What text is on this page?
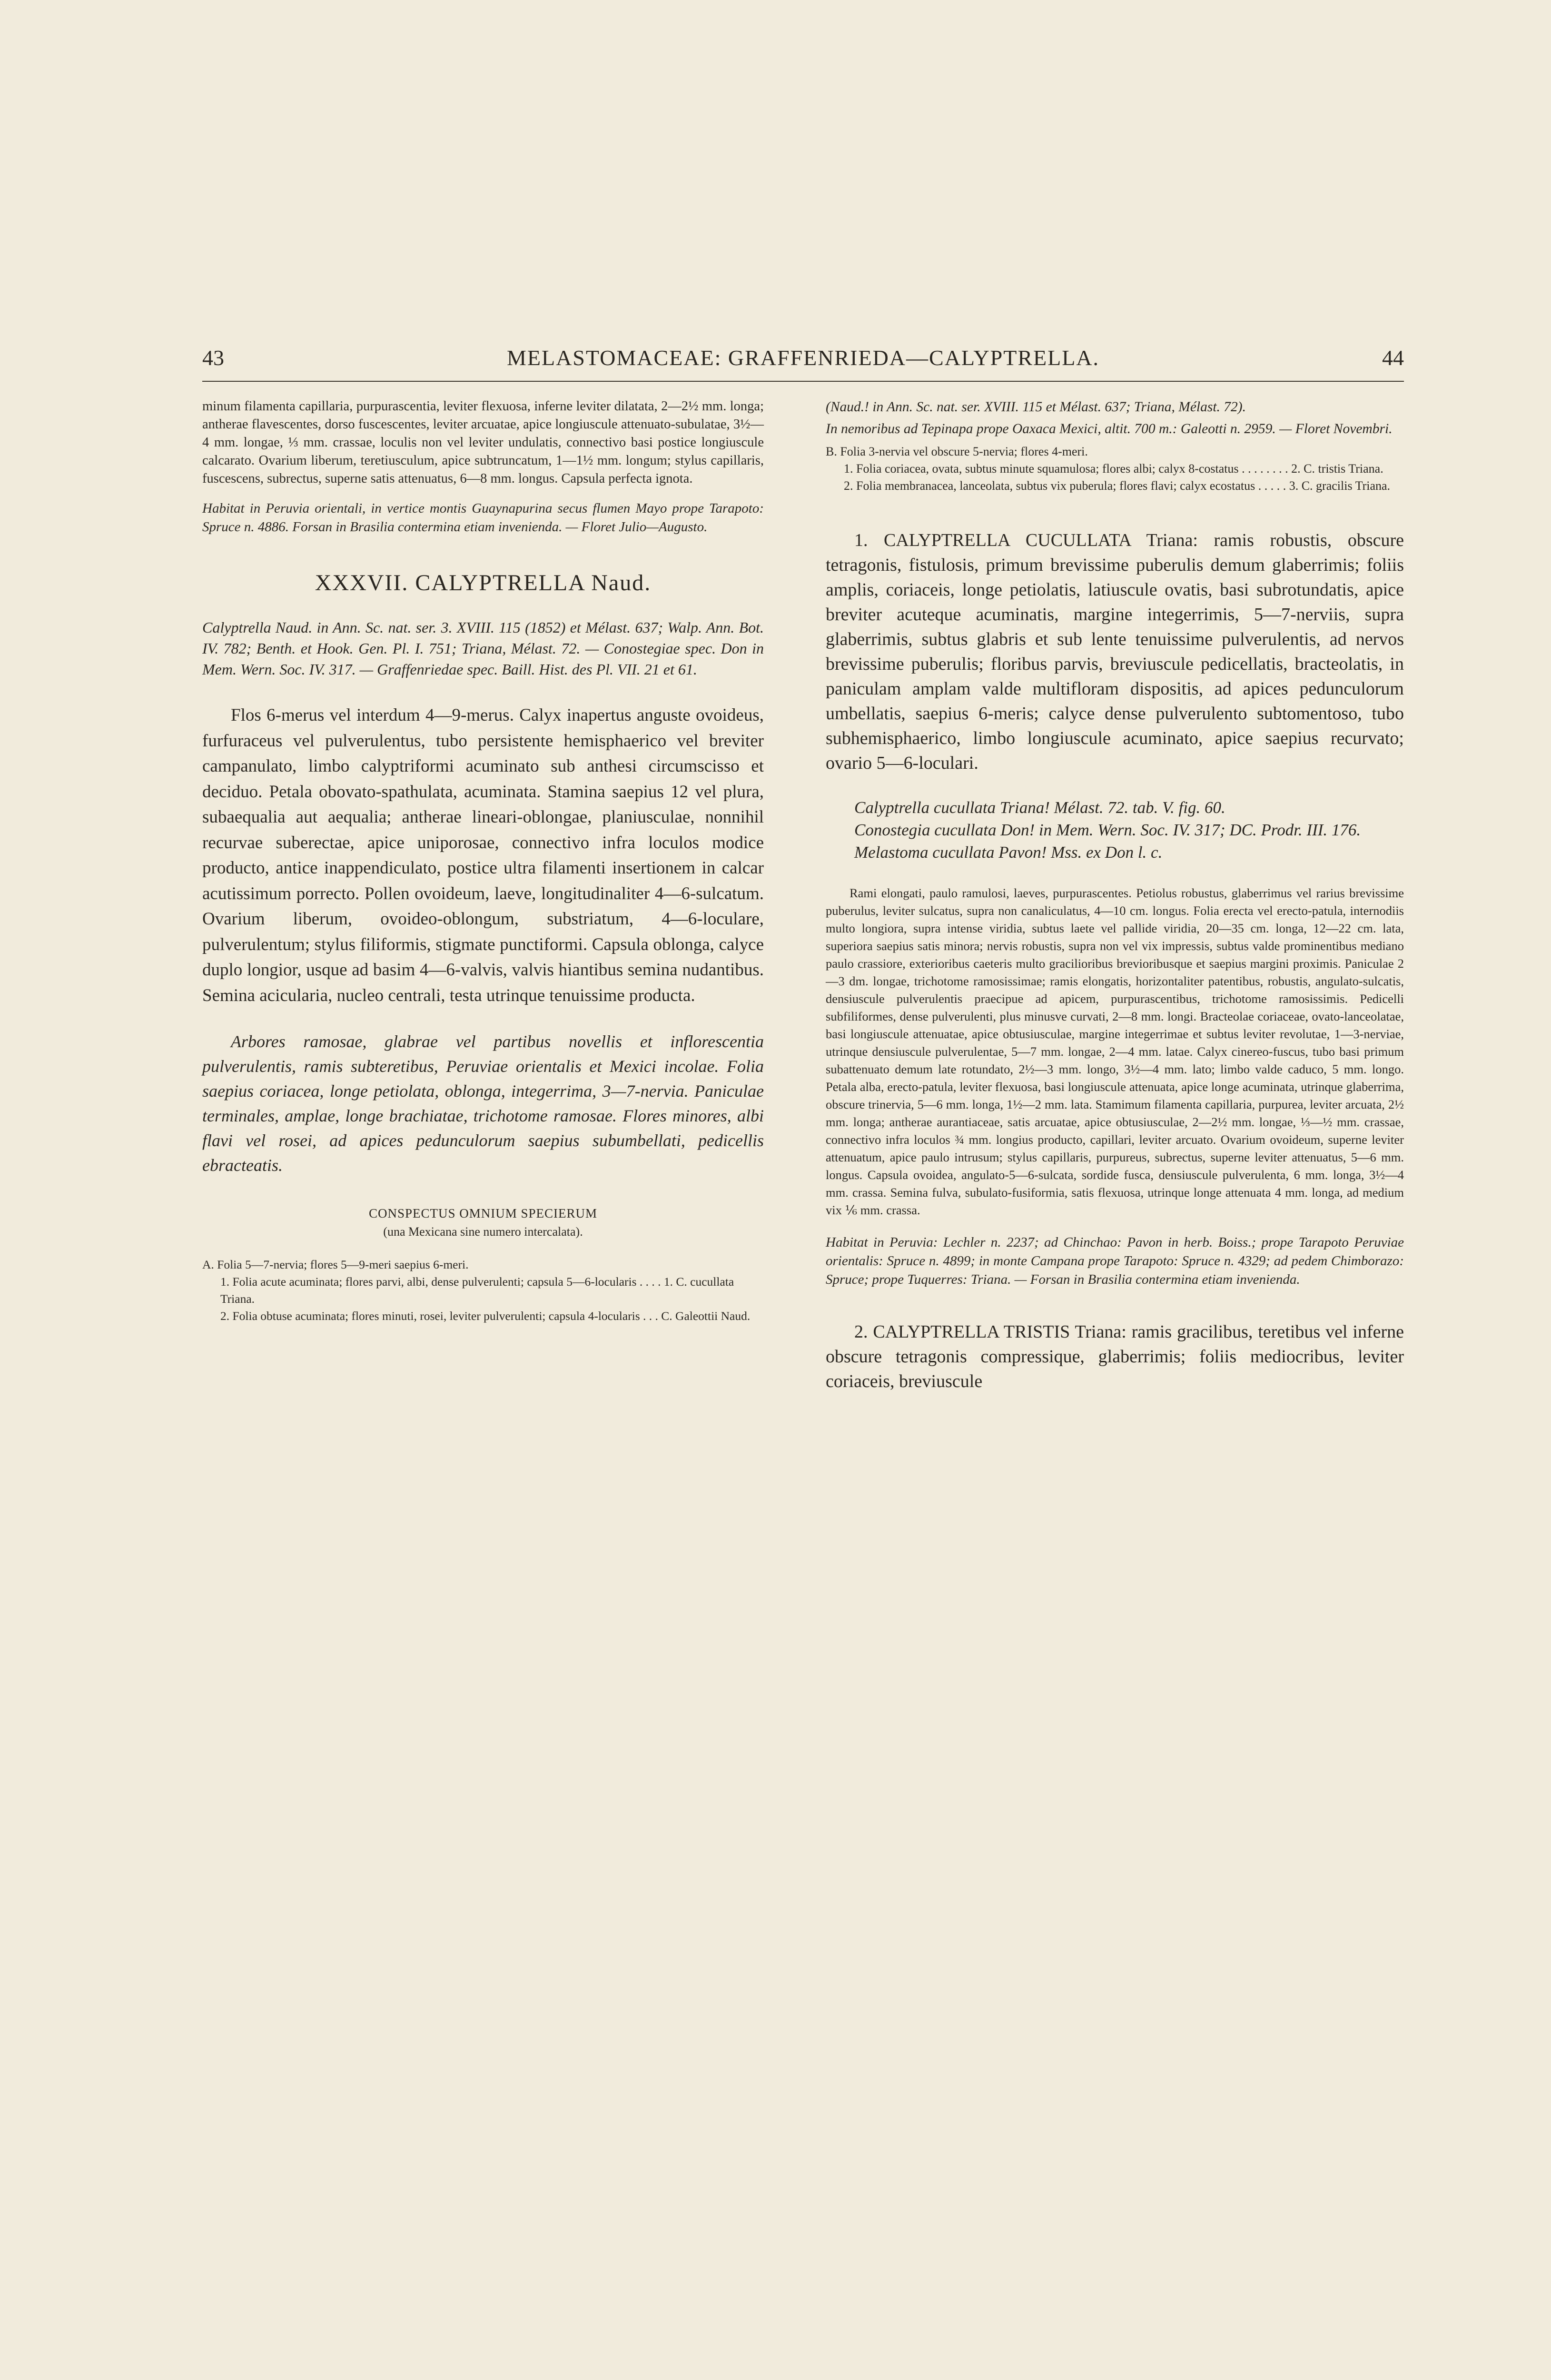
43	MELASTOMACEAE: GRAFFENRIEDA—CALYPTRELLA.	44

minum filamenta capillaria, purpurascentia, leviter flexuosa, inferne leviter dilatata, 2—2½ mm. longa; antherae flavescentes, dorso fuscescentes, leviter arcuatae, apice longiuscule attenuato-subulatae, 3½—4 mm. longae, ⅓ mm. crassae, loculis non vel leviter undulatis, connectivo basi postice longiuscule calcarato. Ovarium liberum, teretiusculum, apice subtruncatum, 1—1½ mm. longum; stylus capillaris, fuscescens, subrectus, superne satis attenuatus, 6—8 mm. longus. Capsula perfecta ignota.

Habitat in Peruvia orientali, in vertice montis Guaynapurina secus flumen Mayo prope Tarapoto: Spruce n. 4886. Forsan in Brasilia conterminа etiam invenienda. — Floret Julio—Augusto.

XXXVII. CALYPTRELLA Naud.

Calyptrella Naud. in Ann. Sc. nat. ser. 3. XVIII. 115 (1852) et Mélast. 637; Walp. Ann. Bot. IV. 782; Benth. et Hook. Gen. Pl. I. 751; Triana, Mélast. 72. — Conostegiae spec. Don in Mem. Wern. Soc. IV. 317. — Graffenriedae spec. Baill. Hist. des Pl. VII. 21 et 61.

Flos 6-merus vel interdum 4—9-merus. Calyx inapertus anguste ovoideus, furfuraceus vel pulverulentus, tubo persistente hemisphaerico vel breviter campanulato, limbo calyptriformi acuminato sub anthesi circumscisso et deciduo. Petala obovato-spathulata, acuminata. Stamina saepius 12 vel plura, subaequalia aut aequalia; antherae lineari-oblongae, planiusculae, nonnihil recurvae suberectae, apice uniporosae, connectivo infra loculos modice producto, antice inappendiculato, postice ultra filamenti insertionem in calcar acutissimum porrecto. Pollen ovoideum, laeve, longitudinaliter 4—6-sulcatum. Ovarium liberum, ovoideo-oblongum, substriatum, 4—6-loculare, pulverulentum; stylus filiformis, stigmate punctiformi. Capsula oblonga, calyce duplo longior, usque ad basim 4—6-valvis, valvis hiantibus semina nudantibus. Semina acicularia, nucleo centrali, testa utrinque tenuissime producta.

Arbores ramosae, glabrae vel partibus novellis et inflorescentia pulverulentis, ramis subteretibus, Peruviae orientalis et Mexici incolae. Folia saepius coriacea, longe petiolata, oblonga, integerrima, 3—7-nervia. Paniculae terminales, amplae, longe brachiatae, trichotome ramosae. Flores minores, albi flavi vel rosei, ad apices pedunculorum saepius subumbellati, pedicellis ebracteatis.

CONSPECTUS OMNIUM SPECIERUM
(una Mexicana sine numero intercalata).
A. Folia 5—7-nervia; flores 5—9-meri saepius 6-meri.
1. Folia acute acuminata; flores parvi, albi, dense pulverulenti; capsula 5—6-locularis . . . . 1. C. cucullata Triana.
2. Folia obtuse acuminata; flores minuti, rosei, leviter pulverulenti; capsula 4-locularis . . . C. Galeottii Naud.
(Naud.! in Ann. Sc. nat. ser. XVIII. 115 et Mélast. 637; Triana, Mélast. 72).
In nemoribus ad Tepinapa prope Oaxaca Mexici, altit. 700 m.: Galeotti n. 2959. — Floret Novembri.
B. Folia 3-nervia vel obscure 5-nervia; flores 4-meri.
1. Folia coriacea, ovata, subtus minute squamulosa; flores albi; calyx 8-costatus . . . . . . . . 2. C. tristis Triana.
2. Folia membranacea, lanceolata, subtus vix puberula; flores flavi; calyx ecostatus . . . . . 3. C. gracilis Triana.

1. CALYPTRELLA CUCULLATA Triana: ramis robustis, obscure tetragonis, fistulosis, primum brevissime puberulis demum glaberrimis; foliis amplis, coriaceis, longe petiolatis, latiuscule ovatis, basi subrotundatis, apice breviter acuteque acuminatis, margine integerrimis, 5—7-nerviis, supra glaberrimis, subtus glabris et sub lente tenuissime pulverulentis, ad nervos brevissime puberulis; floribus parvis, breviuscule pedicellatis, bracteolatis, in paniculam amplam valde multifloram dispositis, ad apices pedunculorum umbellatis, saepius 6-meris; calyce dense pulverulento subtomentoso, tubo subhemisphaerico, limbo longiuscule acuminato, apice saepius recurvato; ovario 5—6-loculari.

Calyptrella cucullata Triana! Mélast. 72. tab. V. fig. 60.
Conostegia cucullata Don! in Mem. Wern. Soc. IV. 317; DC. Prodr. III. 176.
Melastoma cucullata Pavon! Mss. ex Don l. c.

Rami elongati, paulo ramulosi, laeves, purpurascentes. Petiolus robustus, glaberrimus vel rarius brevissime puberulus, leviter sulcatus, supra non canaliculatus, 4—10 cm. longus. Folia erecta vel erecto-patula, internodiis multo longiora, supra intense viridia, subtus laete vel pallide viridia, 20—35 cm. longa, 12—22 cm. lata, superiora saepius satis minora; nervis robustis, supra non vel vix impressis, subtus valde prominentibus mediano paulo crassiore, exterioribus caeteris multo gracilioribus brevioribusque et saepius margini proximis. Paniculae 2—3 dm. longae, trichotome ramosissimae; ramis elongatis, horizontaliter patentibus, robustis, angulato-sulcatis, densiuscule pulverulentis praecipue ad apicem, purpurascentibus, trichotome ramosissimis. Pedicelli subfiliformes, dense pulverulenti, plus minusve curvati, 2—8 mm. longi. Bracteolae coriaceae, ovato-lanceolatae, basi longiuscule attenuatae, apice obtusiusculae, margine integerrimae et subtus leviter revolutae, 1—3-nerviae, utrinque densiuscule pulverulentae, 5—7 mm. longae, 2—4 mm. latae. Calyx cinereo-fuscus, tubo basi primum subattenuato demum late rotundato, 2½—3 mm. longo, 3½—4 mm. lato; limbo valde caduco, 5 mm. longo. Petala alba, erecto-patula, leviter flexuosa, basi longiuscule attenuata, apice longe acuminata, utrinque glaberrima, obscure trinervia, 5—6 mm. longa, 1½—2 mm. lata. Stamimum filamenta capillaria, purpurea, leviter arcuata, 2½ mm. longa; antherae aurantiaceae, satis arcuatae, apice obtusiusculae, 2—2½ mm. longae, ⅓—½ mm. crassae, connectivo infra loculos ¾ mm. longius producto, capillari, leviter arcuato. Ovarium ovoideum, superne leviter attenuatum, apice paulo intrusum; stylus capillaris, purpureus, subrectus, superne leviter attenuatus, 5—6 mm. longus. Capsula ovoidea, angulato-5—6-sulcata, sordide fusca, densiuscule pulverulenta, 6 mm. longa, 3½—4 mm. crassa. Semina fulva, subulato-fusiformia, satis flexuosa, utrinque longe attenuata 4 mm. longa, ad medium vix ⅙ mm. crassa.

Habitat in Peruvia: Lechler n. 2237; ad Chinchao: Pavon in herb. Boiss.; prope Tarapoto Peruviae orientalis: Spruce n. 4899; in monte Campana prope Tarapoto: Spruce n. 4329; ad pedem Chimborazo: Spruce; prope Tuquerres: Triana. — Forsan in Brasilia conterminа etiam invenienda.

2. CALYPTRELLA TRISTIS Triana: ramis gracilibus, teretibus vel inferne obscure tetragonis compressique, glaberrimis; foliis mediocribus, leviter coriaceis, breviuscule
